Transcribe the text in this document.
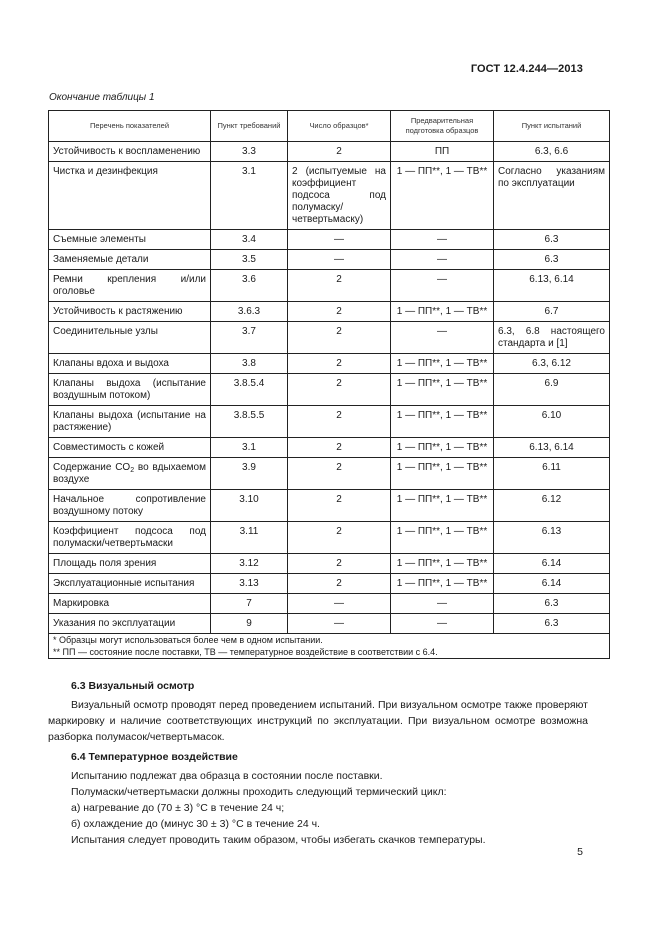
ГОСТ 12.4.244—2013
Окончание таблицы 1
Перечень показателей	Пункт требований	Число образцов*	Предварительная подготовка образцов	Пункт испытаний
Устойчивость к воспламенению	3.3	2	ПП	6.3, 6.6
Чистка и дезинфекция	3.1	2 (испытуемые на коэффициент подсоса под полумаску/четвертьмаску)	1 — ПП**, 1 — ТВ**	Согласно указаниям по эксплуатации
Съемные элементы	3.4	—	—	6.3
Заменяемые детали	3.5	—	—	6.3
Ремни крепления и/или оголовье	3.6	2	—	6.13, 6.14
Устойчивость к растяжению	3.6.3	2	1 — ПП**, 1 — ТВ**	6.7
Соединительные узлы	3.7	2	—	6.3, 6.8 настоящего стандарта и [1]
Клапаны вдоха и выдоха	3.8	2	1 — ПП**, 1 — ТВ**	6.3, 6.12
Клапаны выдоха (испытание воздушным потоком)	3.8.5.4	2	1 — ПП**, 1 — ТВ**	6.9
Клапаны выдоха (испытание на растяжение)	3.8.5.5	2	1 — ПП**, 1 — ТВ**	6.10
Совместимость с кожей	3.1	2	1 — ПП**, 1 — ТВ**	6.13, 6.14
Содержание $CO_2$ во вдыхаемом воздухе	3.9	2	1 — ПП**, 1 — ТВ**	6.11
Начальное сопротивление воздушному потоку	3.10	2	1 — ПП**, 1 — ТВ**	6.12
Коэффициент подсоса под полумаски/четвертьмаски	3.11	2	1 — ПП**, 1 — ТВ**	6.13
Площадь поля зрения	3.12	2	1 — ПП**, 1 — ТВ**	6.14
Эксплуатационные испытания	3.13	2	1 — ПП**, 1 — ТВ**	6.14
Маркировка	7	—	—	6.3
Указания по эксплуатации	9	—	—	6.3

* Образцы могут использоваться более чем в одном испытании.
** ПП — состояние после поставки, ТВ — температурное воздействие в соответствии с 6.4.				
6.3 Визуальный осмотр
Визуальный осмотр проводят перед проведением испытаний. При визуальном осмотре также проверяют маркировку и наличие соответствующих инструкций по эксплуатации. При визуальном осмотре возможна разборка полумасок/четвертьмасок.
6.4 Температурное воздействие
Испытанию подлежат два образца в состоянии после поставки.
Полумаски/четвертьмаски должны проходить следующий термический цикл:
а) нагревание до (70 ± 3) °С в течение 24 ч;
б) охлаждение до (минус 30 ± 3) °С в течение 24 ч.
Испытания следует проводить таким образом, чтобы избегать скачков температуры.
5
